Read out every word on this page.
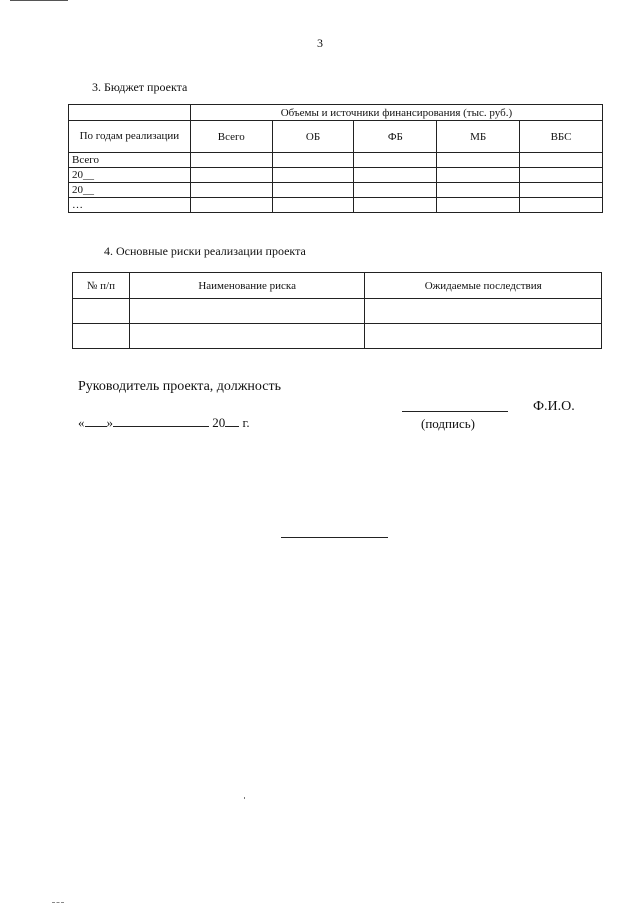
3
3. Бюджет проекта
	Объемы и источники финансирования (тыс. руб.)				
По годам реализации	Всего	ОБ	ФБ	МБ	ВБС
Всего					
20__					
20__					
…					
4. Основные риски реализации проекта
№ п/п	Наименование риска	Ожидаемые последствия

Руководитель проекта, должность
« »	20 г.	(подпись)
Ф.И.О.
